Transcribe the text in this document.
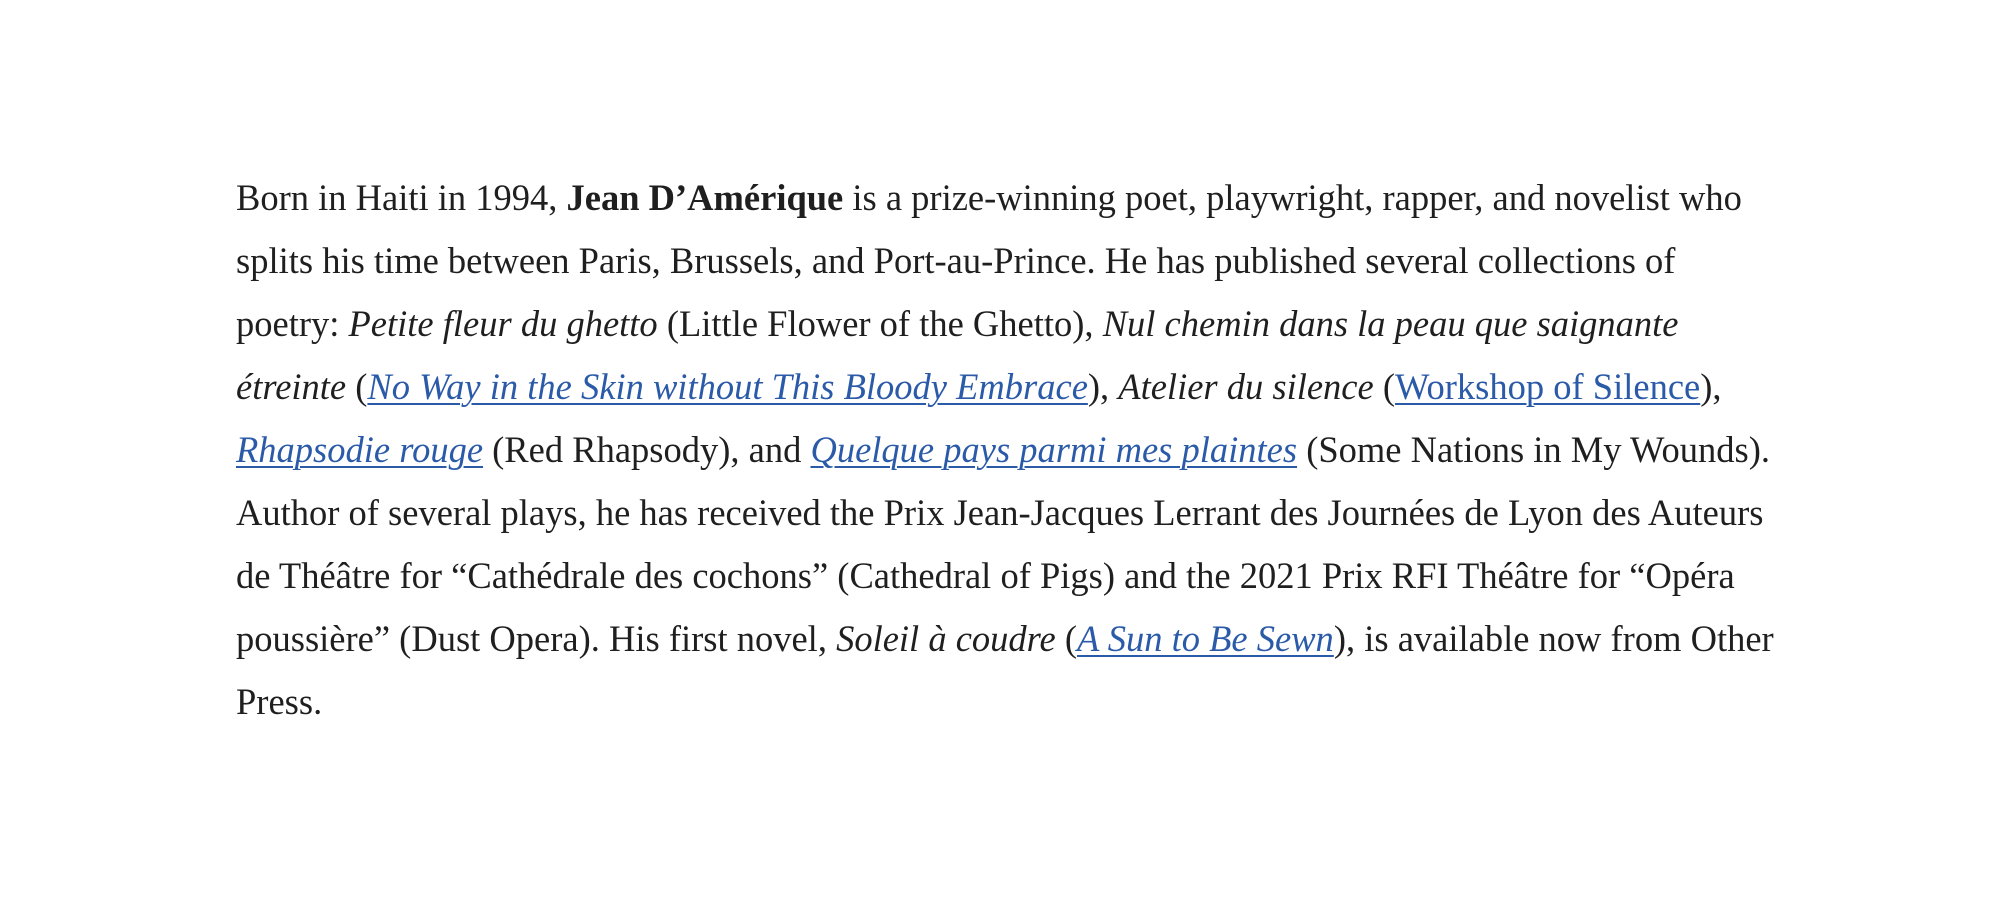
Born in Haiti in 1994, Jean D’Amérique is a prize-winning poet, playwright, rapper, and novelist who splits his time between Paris, Brussels, and Port-au-Prince. He has published several collections of poetry: Petite fleur du ghetto (Little Flower of the Ghetto), Nul chemin dans la peau que saignante étreinte (No Way in the Skin without This Bloody Embrace), Atelier du silence (Workshop of Silence), Rhapsodie rouge (Red Rhapsody), and Quelque pays parmi mes plaintes (Some Nations in My Wounds). Author of several plays, he has received the Prix Jean-Jacques Lerrant des Journées de Lyon des Auteurs de Théâtre for “Cathédrale des cochons” (Cathedral of Pigs) and the 2021 Prix RFI Théâtre for “Opéra poussière” (Dust Opera). His first novel, Soleil à coudre (A Sun to Be Sewn), is available now from Other Press.
